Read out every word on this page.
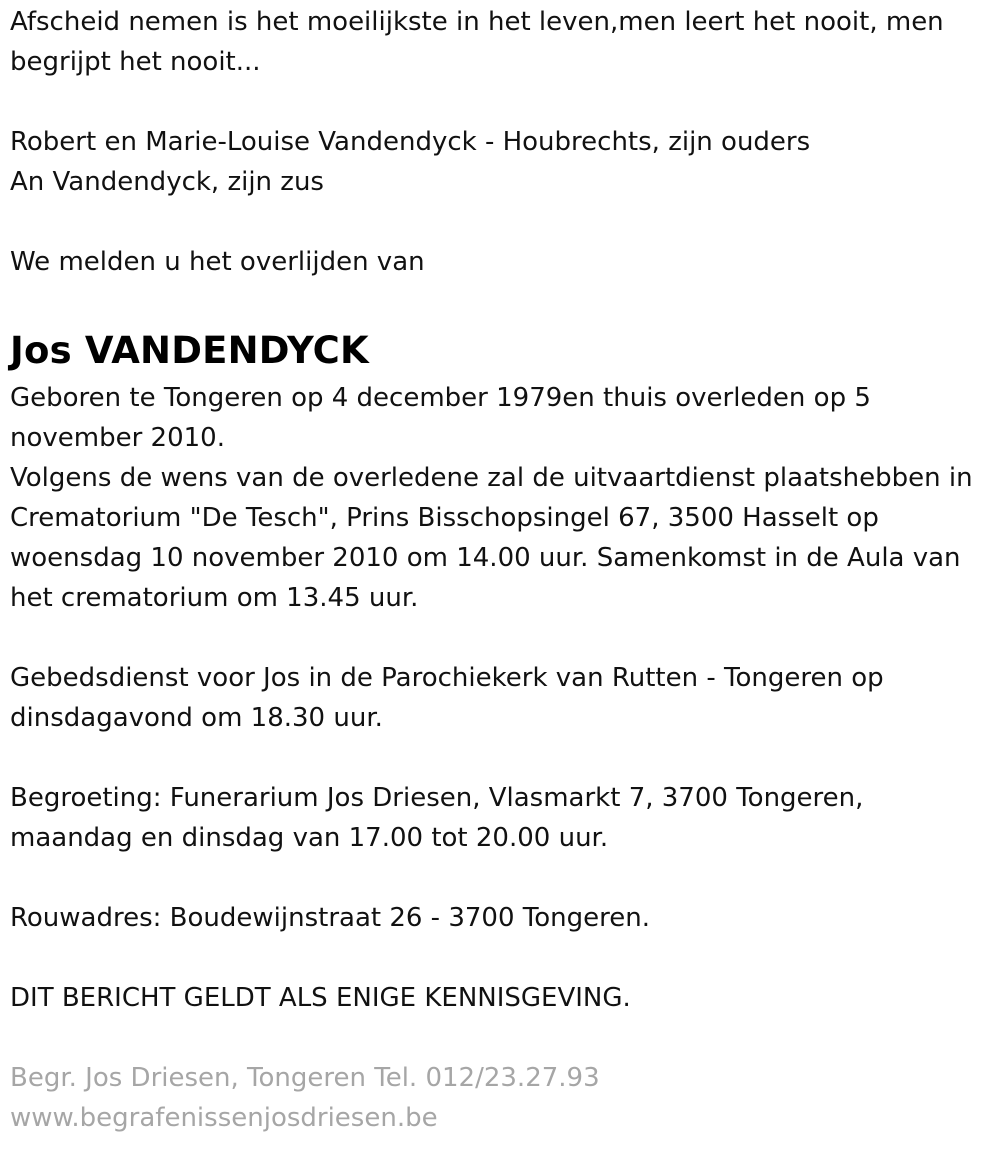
Afscheid nemen is het moeilijkste in het leven,men leert het nooit, men
begrijpt het nooit...
Robert en Marie-Louise Vandendyck - Houbrechts, zijn ouders
An Vandendyck, zijn zus
We melden u het overlijden van
Jos VANDENDYCK
Geboren te Tongeren op 4 december 1979en thuis overleden op 5
november 2010.
Volgens de wens van de overledene zal de uitvaartdienst plaatshebben in
Crematorium "De Tesch", Prins Bisschopsingel 67, 3500 Hasselt op
woensdag 10 november 2010 om 14.00 uur. Samenkomst in de Aula van
het crematorium om 13.45 uur.
Gebedsdienst voor Jos in de Parochiekerk van Rutten - Tongeren op
dinsdagavond om 18.30 uur.
Begroeting: Funerarium Jos Driesen, Vlasmarkt 7, 3700 Tongeren,
maandag en dinsdag van 17.00 tot 20.00 uur.
Rouwadres: Boudewijnstraat 26 - 3700 Tongeren.
DIT BERICHT GELDT ALS ENIGE KENNISGEVING.
Begr. Jos Driesen, Tongeren Tel. 012/23.27.93
www.begrafenissenjosdriesen.be
